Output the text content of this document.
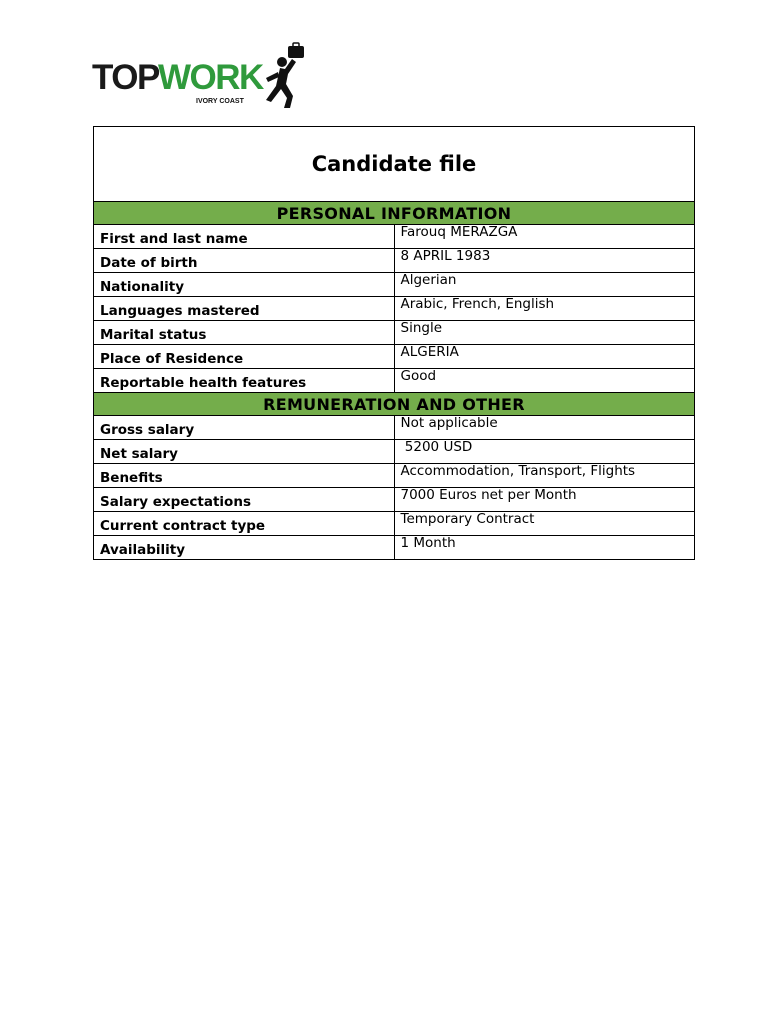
TOP WORK
IVORY COAST
Candidate file	
PERSONAL INFORMATION	
First and last name	Farouq MERAZGA
Date of birth	8 APRIL 1983
Nationality	Algerian
Languages mastered	Arabic, French, English
Marital status	Single
Place of Residence	ALGERIA
Reportable health features	Good
REMUNERATION AND OTHER	
Gross salary	Not applicable
Net salary	5200 USD
Benefits	Accommodation, Transport, Flights
Salary expectations	7000 Euros net per Month
Current contract type	Temporary Contract
Availability	1 Month
